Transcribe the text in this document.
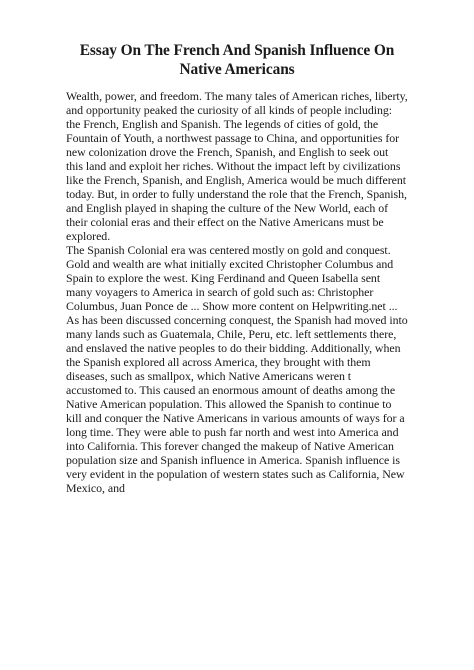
Essay On The French And Spanish Influence On Native Americans

Wealth, power, and freedom. The many tales of American riches, liberty, and opportunity peaked the curiosity of all kinds of people including: the French, English and Spanish. The legends of cities of gold, the Fountain of Youth, a northwest passage to China, and opportunities for new colonization drove the French, Spanish, and English to seek out this land and exploit her riches. Without the impact left by civilizations like the French, Spanish, and English, America would be much different today. But, in order to fully understand the role that the French, Spanish, and English played in shaping the culture of the New World, each of their colonial eras and their effect on the Native Americans must be explored.

The Spanish Colonial era was centered mostly on gold and conquest. Gold and wealth are what initially excited Christopher Columbus and Spain to explore the west. King Ferdinand and Queen Isabella sent many voyagers to America in search of gold such as: Christopher Columbus, Juan Ponce de ... Show more content on Helpwriting.net ...

As has been discussed concerning conquest, the Spanish had moved into many lands such as Guatemala, Chile, Peru, etc. left settlements there, and enslaved the native peoples to do their bidding. Additionally, when the Spanish explored all across America, they brought with them diseases, such as smallpox, which Native Americans weren t accustomed to. This caused an enormous amount of deaths among the Native American population. This allowed the Spanish to continue to kill and conquer the Native Americans in various amounts of ways for a long time. They were able to push far north and west into America and into California. This forever changed the makeup of Native American population size and Spanish influence in America. Spanish influence is very evident in the population of western states such as California, New Mexico, and
